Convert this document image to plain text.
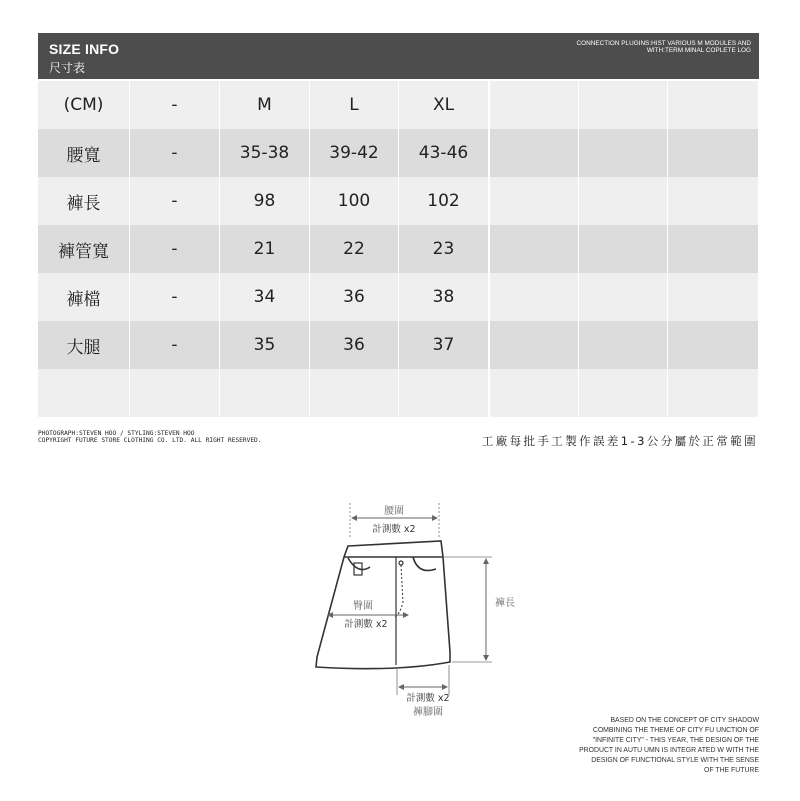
SIZE INFO
尺寸表
CONNECTION PLUGINS:HIST VARIOUS M MODULES AND
WITH:TERM MINAL COPLETE LOG
(CM)	-	M	L	XL
腰寬	-	35-38	39-42	43-46
褲長	-	98	100	102
褲管寬	-	21	22	23
褲檔	-	34	36	38
大腿	-	35	36	37
PHOTOGRAPH:STEVEN HOO / STYLING:STEVEN HOO
COPYRIGHT FUTURE STORE CLOTHING CO. LTD. ALL RIGHT RESERVED.	工廠每批手工製作誤差1-3公分屬於正常範圍
腰圍
計測數 x2
臀圍
計測數 x2
褲長
計測數 x2
褲腳圍
BASED ON THE CONCEPT OF CITY SHADOW
COMBINING THE THEME OF CITY FU UNCTION OF
"INFINITE CITY" - THIS YEAR, THE DESIGN OF THE
PRODUCT IN AUTU UMN IS INTEGR ATED W WITH THE
DESIGN OF FUNCTIONAL STYLE WITH THE SENSE
OF THE FUTURE
